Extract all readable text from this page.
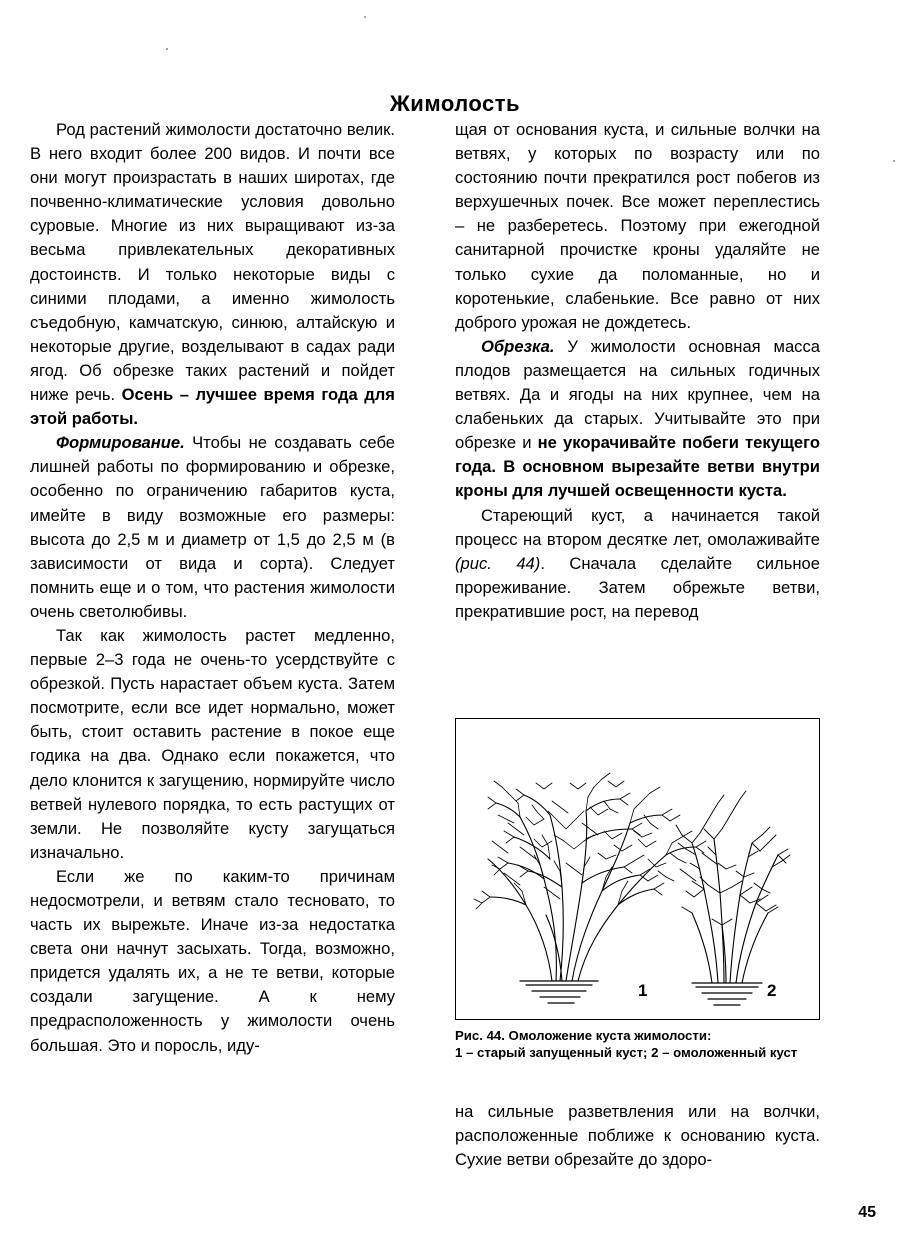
Жимолость

Род растений жимолости достаточно велик. В него входит более 200 видов. И почти все они могут произрастать в наших широтах, где почвенно-климатические условия довольно суровые. Многие из них выращивают из-за весьма привлекательных декоративных достоинств. И только некоторые виды с синими плодами, а именно жимолость съедобную, камчатскую, синюю, алтайскую и некоторые другие, возделывают в садах ради ягод. Об обрезке таких растений и пойдет ниже речь. Осень – лучшее время года для этой работы.

Формирование. Чтобы не создавать себе лишней работы по формированию и обрезке, особенно по ограничению габаритов куста, имейте в виду возможные его размеры: высота до 2,5 м и диаметр от 1,5 до 2,5 м (в зависимости от вида и сорта). Следует помнить еще и о том, что растения жимолости очень светолюбивы.

Так как жимолость растет медленно, первые 2–3 года не очень-то усердствуйте с обрезкой. Пусть нарастает объем куста. Затем посмотрите, если все идет нормально, может быть, стоит оставить растение в покое еще годика на два. Однако если покажется, что дело клонится к загущению, нормируйте число ветвей нулевого порядка, то есть растущих от земли. Не позволяйте кусту загущаться изначально.

Если же по каким-то причинам недосмотрели, и ветвям стало тесновато, то часть их вырежьте. Иначе из-за недостатка света они начнут засыхать. Тогда, возможно, придется удалять их, а не те ветви, которые создали загущение. А к нему предрасположенность у жимолости очень большая. Это и поросль, иду-

щая от основания куста, и сильные волчки на ветвях, у которых по возрасту или по состоянию почти прекратился рост побегов из верхушечных почек. Все может переплестись – не разберетесь. Поэтому при ежегодной санитарной прочистке кроны удаляйте не только сухие да поломанные, но и коротенькие, слабенькие. Все равно от них доброго урожая не дождетесь.

Обрезка. У жимолости основная масса плодов размещается на сильных годичных ветвях. Да и ягоды на них крупнее, чем на слабеньких да старых. Учитывайте это при обрезке и не укорачивайте побеги текущего года. В основном вырезайте ветви внутри кроны для лучшей освещенности куста.

Стареющий куст, а начинается такой процесс на втором десятке лет, омолаживайте (рис. 44). Сначала сделайте сильное прореживание. Затем обрежьте ветви, прекратившие рост, на перевод

1	2
Рис. 44. Омоложение куста жимолости:
1 – старый запущенный куст; 2 – омоложенный куст

на сильные разветвления или на волчки, расположенные поближе к основанию куста. Сухие ветви обрезайте до здоро-

45
